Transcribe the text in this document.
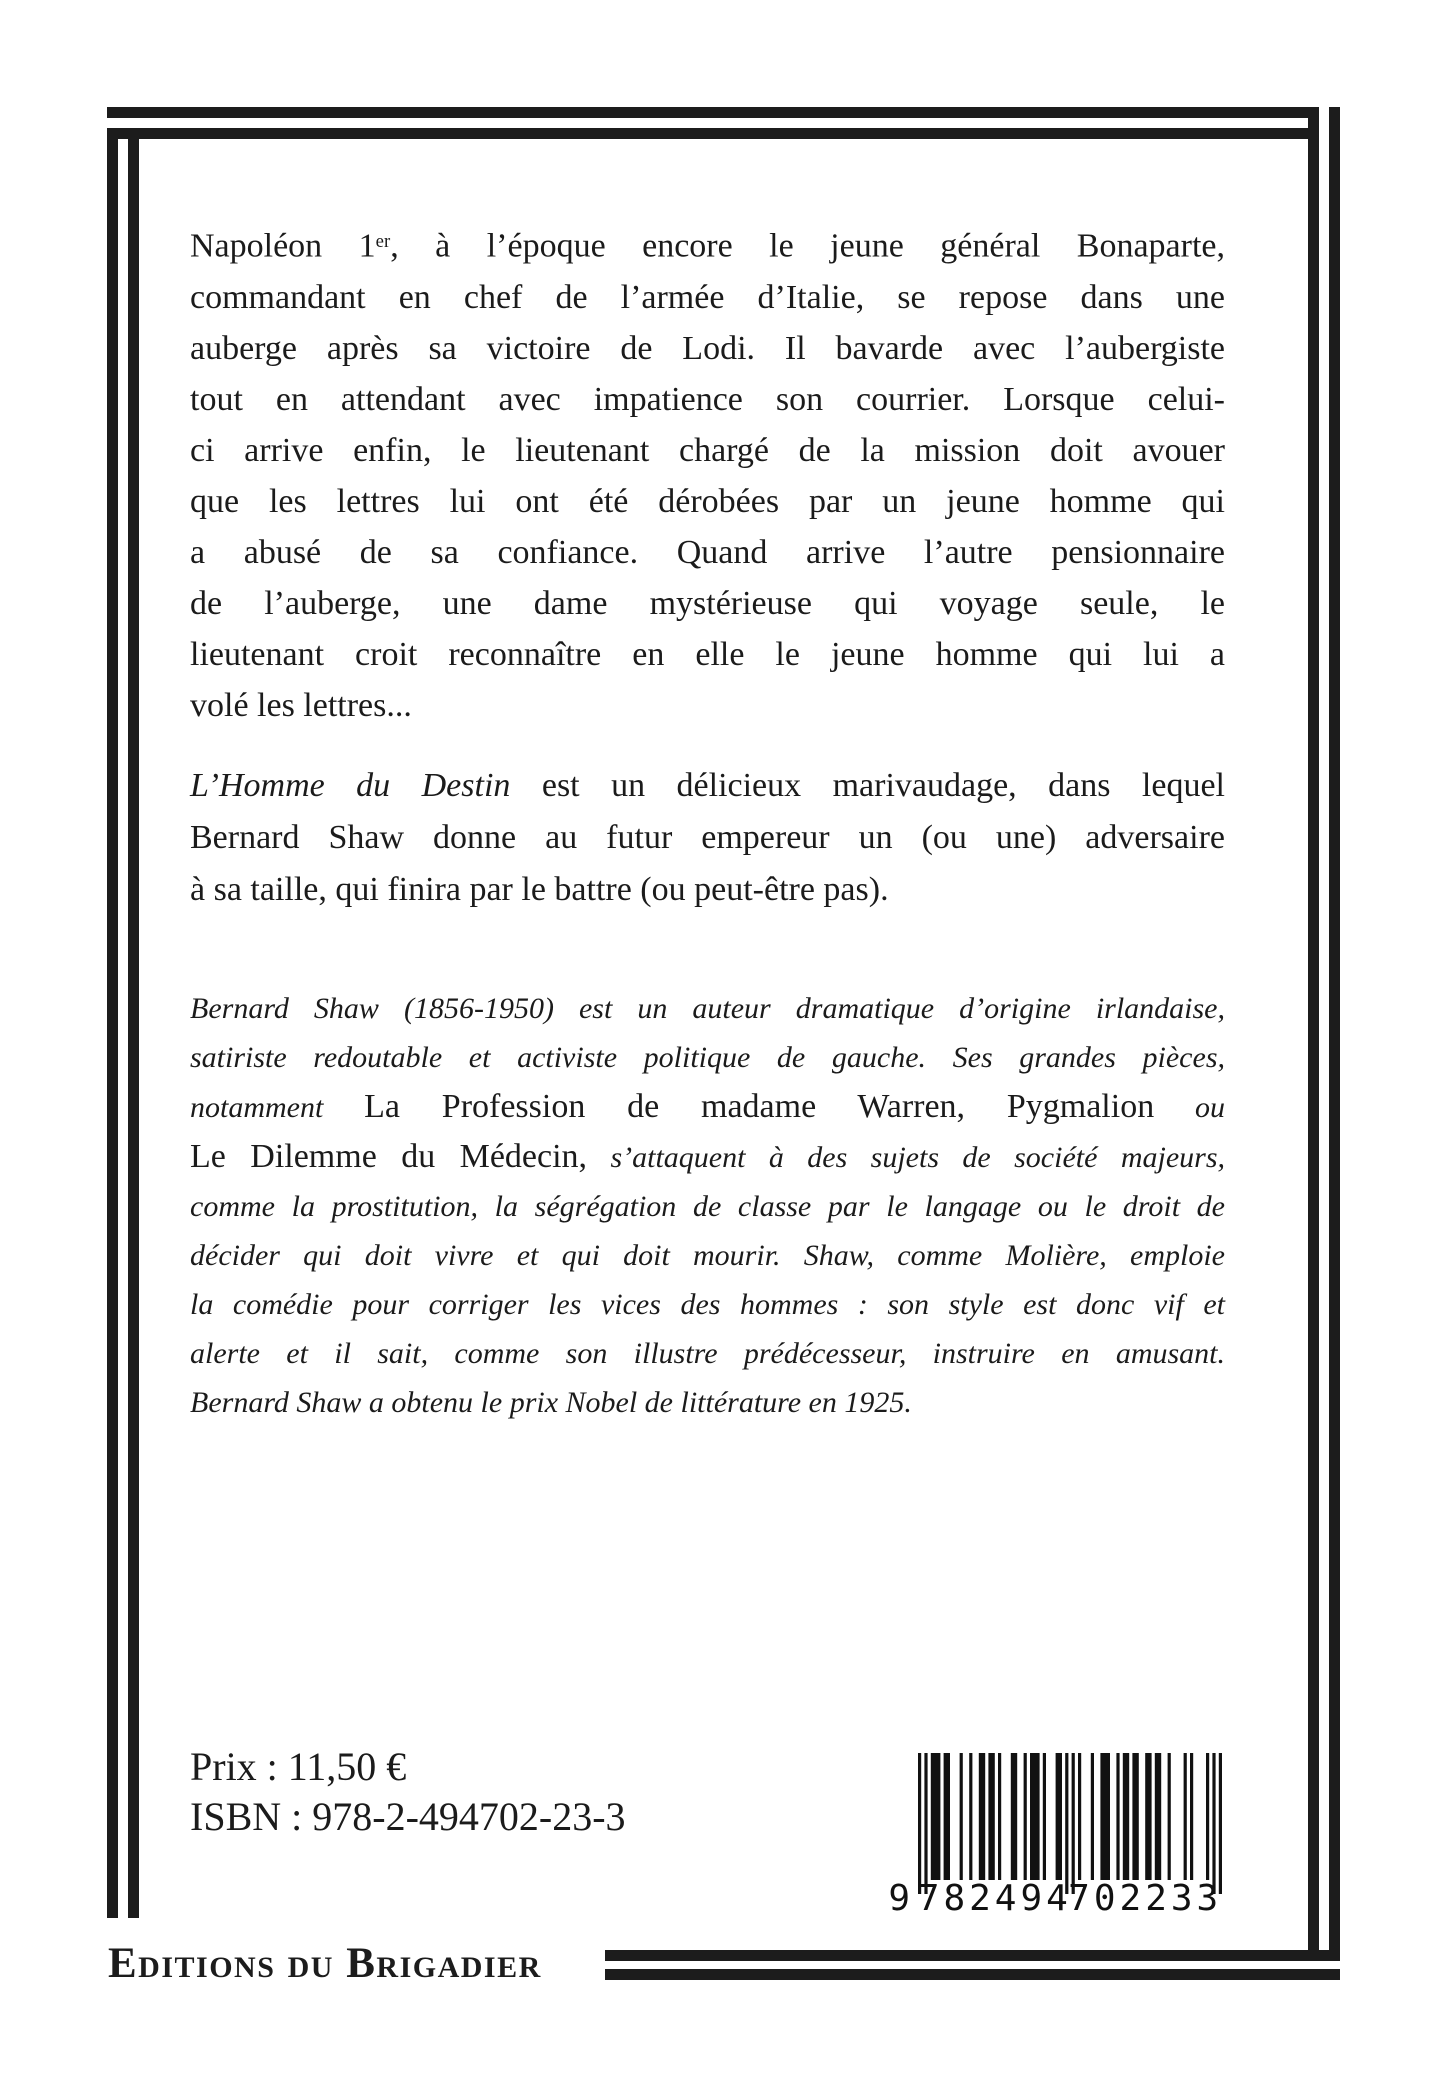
Napoléon 1er, à l’époque encore le jeune général Bonaparte,
commandant en chef de l’armée d’Italie, se repose dans une
auberge après sa victoire de Lodi. Il bavarde avec l’aubergiste
tout en attendant avec impatience son courrier. Lorsque celui-
ci arrive enfin, le lieutenant chargé de la mission doit avouer
que les lettres lui ont été dérobées par un jeune homme qui
a abusé de sa confiance. Quand arrive l’autre pensionnaire
de l’auberge, une dame mystérieuse qui voyage seule, le
lieutenant croit reconnaître en elle le jeune homme qui lui a
volé les lettres...

L’Homme du Destin est un délicieux marivaudage, dans lequel
Bernard Shaw donne au futur empereur un (ou une) adversaire
à sa taille, qui finira par le battre (ou peut-être pas).

Bernard Shaw (1856-1950) est un auteur dramatique d’origine irlandaise,
satiriste redoutable et activiste politique de gauche. Ses grandes pièces,
notamment La Profession de madame Warren, Pygmalion ou
Le Dilemme du Médecin, s’attaquent à des sujets de société majeurs,
comme la prostitution, la ségrégation de classe par le langage ou le droit de
décider qui doit vivre et qui doit mourir. Shaw, comme Molière, emploie
la comédie pour corriger les vices des hommes : son style est donc vif et
alerte et il sait, comme son illustre prédécesseur, instruire en amusant.
Bernard Shaw a obtenu le prix Nobel de littérature en 1925.

Prix : 11,50 €
ISBN : 978-2-494702-23-3
9 782494
702233
Editions du Brigadier
